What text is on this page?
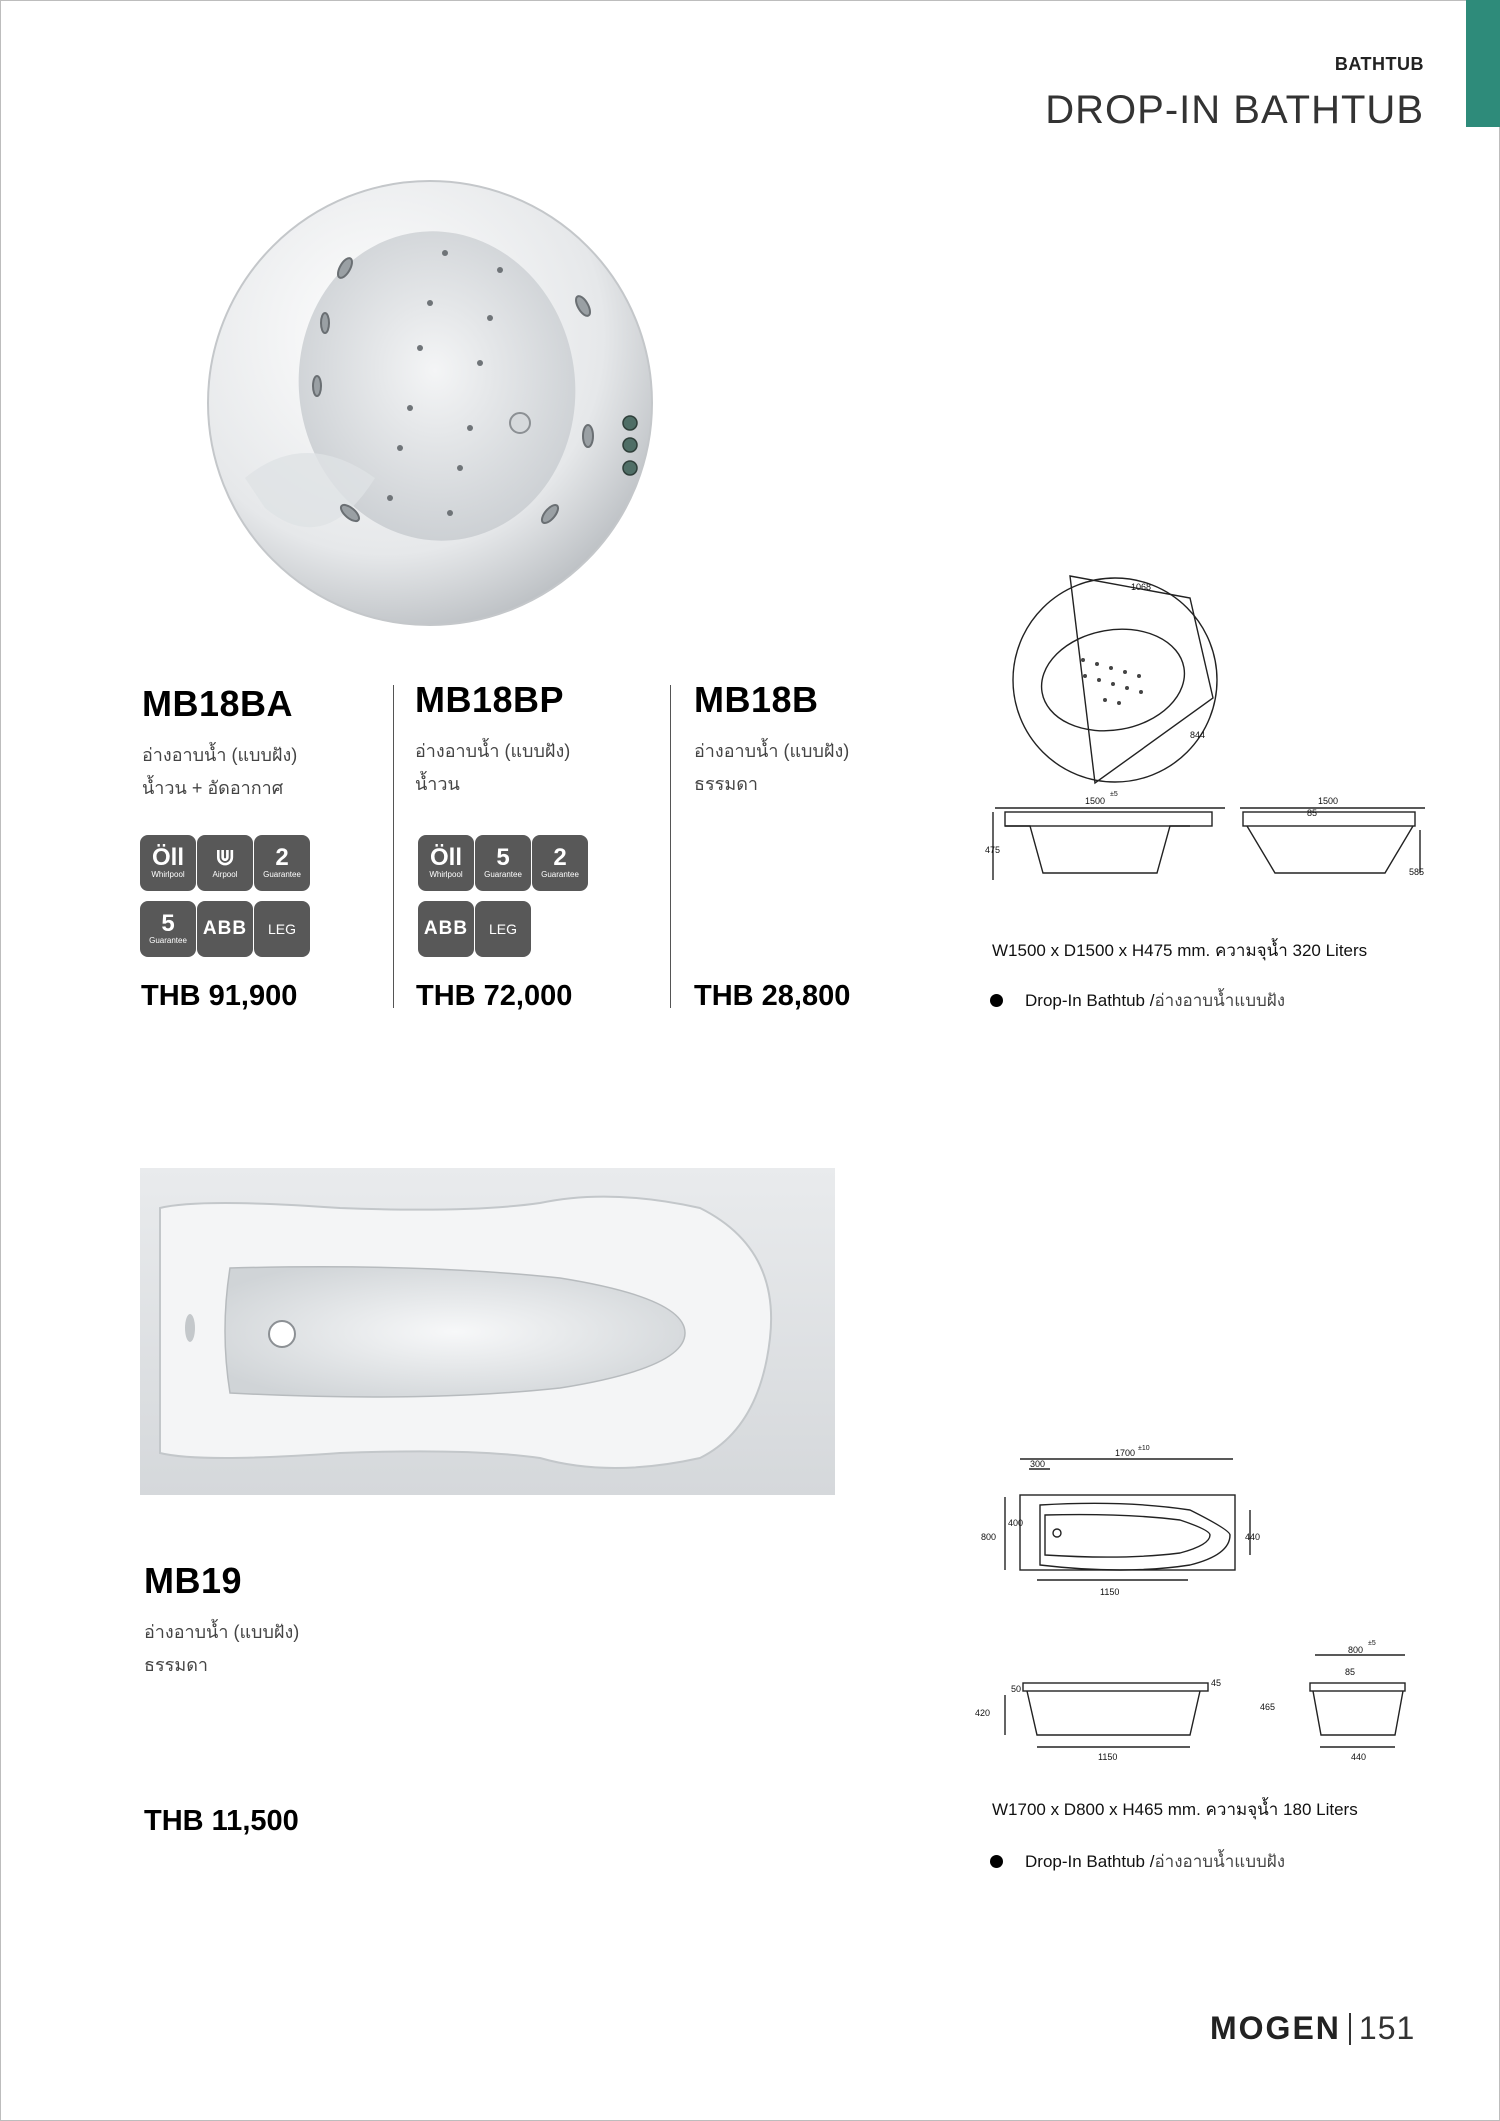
BATHTUB
DROP-IN BATHTUB
MB18BA
อ่างอาบน้ำ (แบบฝัง)
น้ำวน + อัดอากาศ
Öll
Whirlpool
⋓
Airpool
2
Guarantee
5
Guarantee
ABB LEG
THB 91,900
MB18BP
อ่างอาบน้ำ (แบบฝัง)
น้ำวน
Öll
Whirlpool
5
Guarantee
2
Guarantee
ABB LEG
THB 72,000
MB18B
อ่างอาบน้ำ (แบบฝัง)
ธรรมดา
THB 28,800
1068
844
1500
±5
475
1500
85
585
W1500 x D1500 x H475 mm. ความจุน้ำ 320 Liters
Drop-In Bathtub / อ่างอาบน้ำแบบฝัง
MB19
อ่างอาบน้ำ (แบบฝัง)
ธรรมดา
THB 11,500
1700 ±10
300
400
800	440
1150
50
420
45
465
1150
800
±5
85
440
W1700 x D800 x H465 mm. ความจุน้ำ 180 Liters
Drop-In Bathtub / อ่างอาบน้ำแบบฝัง
MOGEN 151
